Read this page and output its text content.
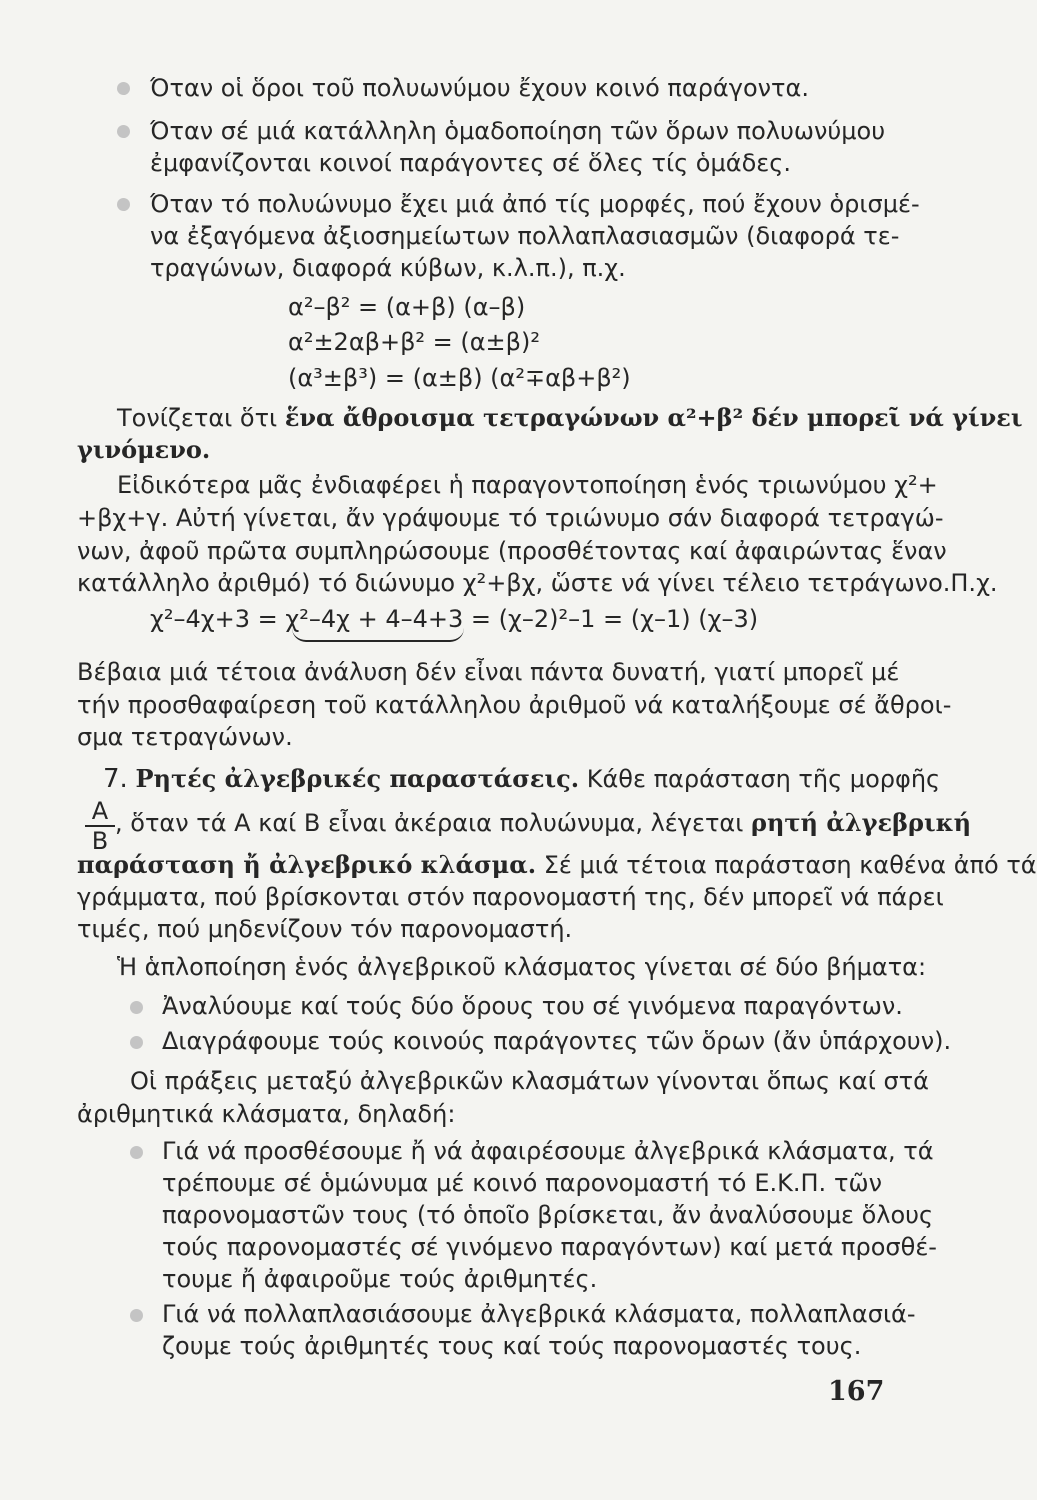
Όταν οἱ ὅροι τοῦ πολυωνύμου ἔχουν κοινό παράγοντα.
Όταν σέ μιά κατάλληλη ὁμαδοποίηση τῶν ὅρων πολυωνύμου
ἐμφανίζονται κοινοί παράγοντες σέ ὅλες τίς ὁμάδες.
Όταν τό πολυώνυμο ἔχει μιά ἀπό τίς μορφές, πού ἔχουν ὁρισμέ-
να ἐξαγόμενα ἀξιοσημείωτων πολλαπλασιασμῶν (διαφορά τε-
τραγώνων, διαφορά κύβων, κ.λ.π.), π.χ.
α²–β² = (α+β) (α–β)
α²±2αβ+β² = (α±β)²
(α³±β³) = (α±β) (α²∓αβ+β²)
Τονίζεται ὅτι ἕνα ἄθροισμα τετραγώνων α²+β² δέν μπορεῖ νά γίνει
γινόμενο.
Εἰδικότερα μᾶς ἐνδιαφέρει ἡ παραγοντοποίηση ἑνός τριωνύμου χ²+
+βχ+γ. Αὐτή γίνεται, ἄν γράψουμε τό τριώνυμο σάν διαφορά τετραγώ-
νων, ἀφοῦ πρῶτα συμπληρώσουμε (προσθέτοντας καί ἀφαιρώντας ἕναν
κατάλληλο ἀριθμό) τό διώνυμο χ²+βχ, ὥστε νά γίνει τέλειο τετράγωνο.Π.χ.
χ²–4χ+3 = χ²–4χ + 4–4+3 = (χ–2)²–1 = (χ–1) (χ–3)
Βέβαια μιά τέτοια ἀνάλυση δέν εἶναι πάντα δυνατή, γιατί μπορεῖ μέ
τήν προσθαφαίρεση τοῦ κατάλληλου ἀριθμοῦ νά καταλήξουμε σέ ἄθροι-
σμα τετραγώνων.
7. Ρητές ἀλγεβρικές παραστάσεις. Κάθε παράσταση τῆς μορφῆς
A
B
, ὅταν τά Α καί Β εἶναι ἀκέραια πολυώνυμα, λέγεται ρητή ἀλγεβρική
παράσταση ἤ ἀλγεβρικό κλάσμα. Σέ μιά τέτοια παράσταση καθένα ἀπό τά
γράμματα, πού βρίσκονται στόν παρονομαστή της, δέν μπορεῖ νά πάρει
τιμές, πού μηδενίζουν τόν παρονομαστή.
Ἡ ἁπλοποίηση ἑνός ἀλγεβρικοῦ κλάσματος γίνεται σέ δύο βήματα:
Ἀναλύουμε καί τούς δύο ὅρους του σέ γινόμενα παραγόντων.
Διαγράφουμε τούς κοινούς παράγοντες τῶν ὅρων (ἄν ὑπάρχουν).
Οἱ πράξεις μεταξύ ἀλγεβρικῶν κλασμάτων γίνονται ὅπως καί στά
ἀριθμητικά κλάσματα, δηλαδή:
Γιά νά προσθέσουμε ἤ νά ἀφαιρέσουμε ἀλγεβρικά κλάσματα, τά
τρέπουμε σέ ὁμώνυμα μέ κοινό παρονομαστή τό Ε.Κ.Π. τῶν
παρονομαστῶν τους (τό ὁποῖο βρίσκεται, ἄν ἀναλύσουμε ὅλους
τούς παρονομαστές σέ γινόμενο παραγόντων) καί μετά προσθέ-
τουμε ἤ ἀφαιροῦμε τούς ἀριθμητές.
Γιά νά πολλαπλασιάσουμε ἀλγεβρικά κλάσματα, πολλαπλασιά-
ζουμε τούς ἀριθμητές τους καί τούς παρονομαστές τους.
167
